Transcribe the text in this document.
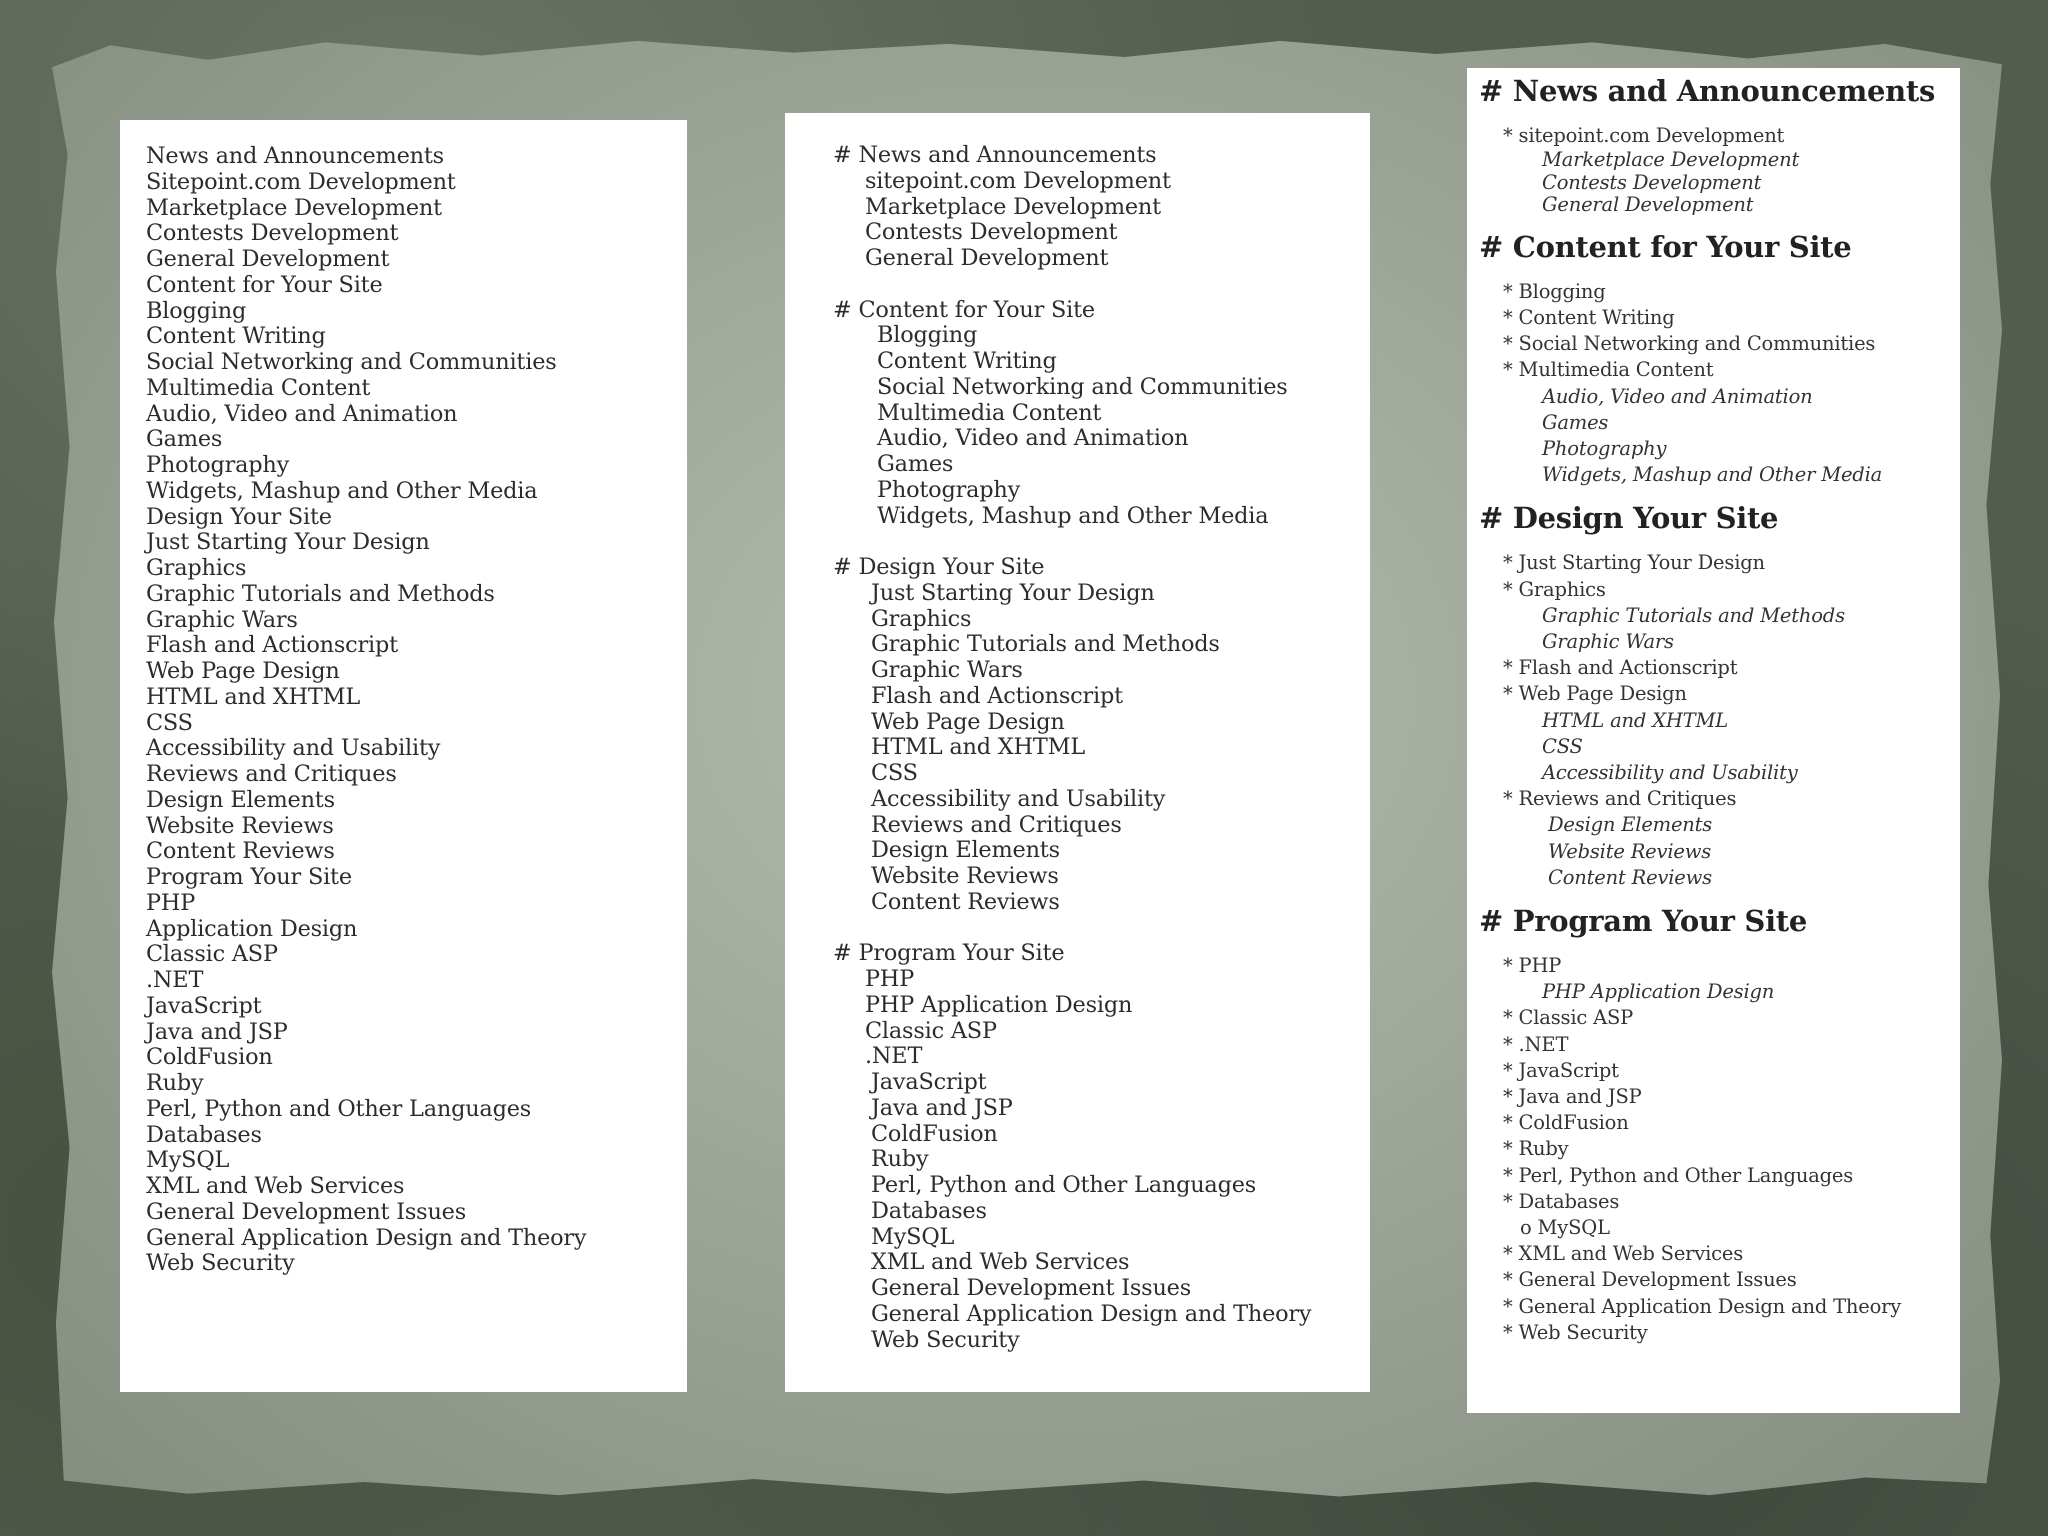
News and Announcements
Sitepoint.com Development
Marketplace Development
Contests Development
General Development
Content for Your Site
Blogging
Content Writing
Social Networking and Communities
Multimedia Content
Audio, Video and Animation
Games
Photography
Widgets, Mashup and Other Media
Design Your Site
Just Starting Your Design
Graphics
Graphic Tutorials and Methods
Graphic Wars
Flash and Actionscript
Web Page Design
HTML and XHTML
CSS
Accessibility and Usability
Reviews and Critiques
Design Elements
Website Reviews
Content Reviews
Program Your Site
PHP
Application Design
Classic ASP
.NET
JavaScript
Java and JSP
ColdFusion
Ruby
Perl, Python and Other Languages
Databases
MySQL
XML and Web Services
General Development Issues
General Application Design and Theory
Web Security
# News and Announcements
sitepoint.com Development
Marketplace Development
Contests Development
General Development
# Content for Your Site
Blogging
Content Writing
Social Networking and Communities
Multimedia Content
Audio, Video and Animation
Games
Photography
Widgets, Mashup and Other Media
# Design Your Site
Just Starting Your Design
Graphics
Graphic Tutorials and Methods
Graphic Wars
Flash and Actionscript
Web Page Design
HTML and XHTML
CSS
Accessibility and Usability
Reviews and Critiques
Design Elements
Website Reviews
Content Reviews
# Program Your Site
PHP
PHP Application Design
Classic ASP
.NET
JavaScript
Java and JSP
ColdFusion
Ruby
Perl, Python and Other Languages
Databases
MySQL
XML and Web Services
General Development Issues
General Application Design and Theory
Web Security
# News and Announcements
* sitepoint.com Development
Marketplace Development
Contests Development
General Development
# Content for Your Site
* Blogging
* Content Writing
* Social Networking and Communities
* Multimedia Content
Audio, Video and Animation
Games
Photography
Widgets, Mashup and Other Media
# Design Your Site
* Just Starting Your Design
* Graphics
Graphic Tutorials and Methods
Graphic Wars
* Flash and Actionscript
* Web Page Design
HTML and XHTML
CSS
Accessibility and Usability
* Reviews and Critiques
Design Elements
Website Reviews
Content Reviews
# Program Your Site
* PHP
PHP Application Design
* Classic ASP
* .NET
* JavaScript
* Java and JSP
* ColdFusion
* Ruby
* Perl, Python and Other Languages
* Databases
o MySQL
* XML and Web Services
* General Development Issues
* General Application Design and Theory
* Web Security
